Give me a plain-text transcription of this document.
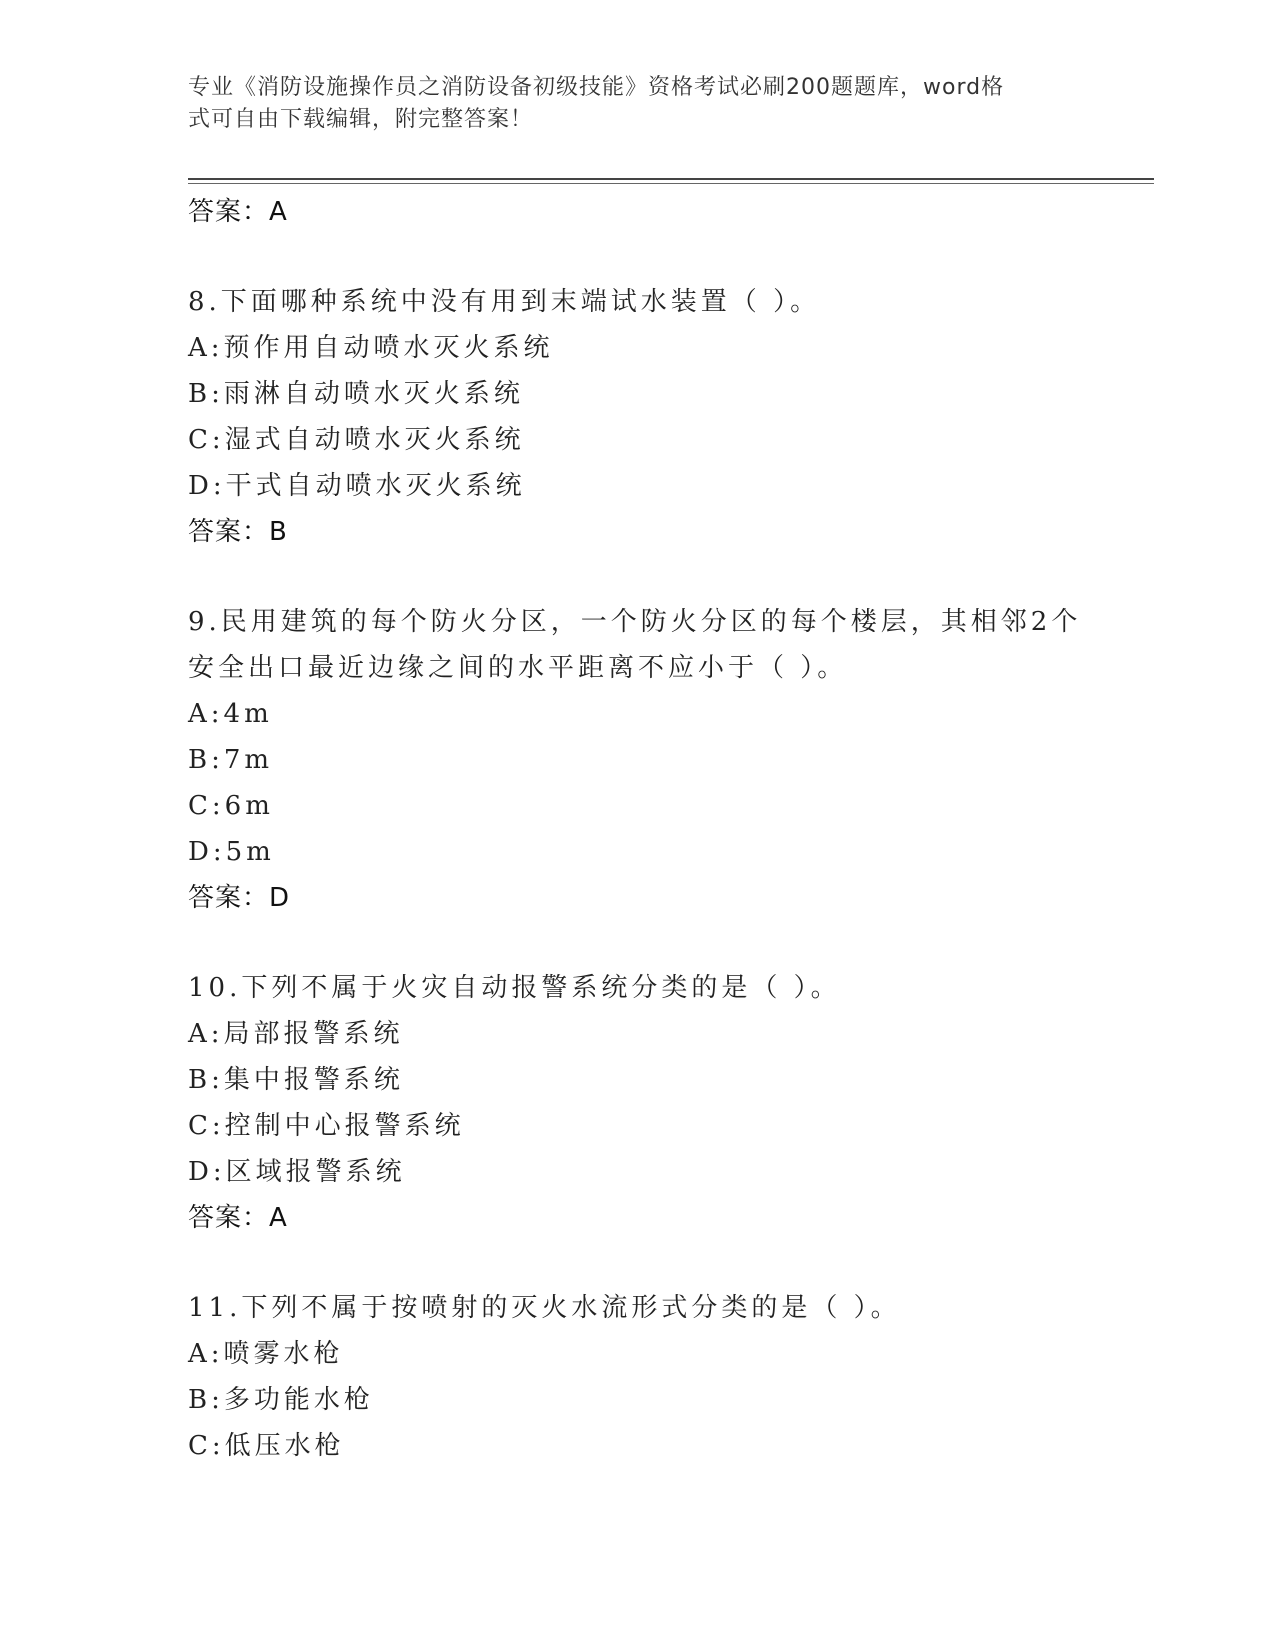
专业《消防设施操作员之消防设备初级技能》资格考试必刷200题题库，word格
式可自由下载编辑，附完整答案！
答案：A
8.下面哪种系统中没有用到末端试水装置（ ）。
A:预作用自动喷水灭火系统
B:雨淋自动喷水灭火系统
C:湿式自动喷水灭火系统
D:干式自动喷水灭火系统
答案：B
9.民用建筑的每个防火分区，一个防火分区的每个楼层，其相邻2个
安全出口最近边缘之间的水平距离不应小于（ ）。
A:4m
B:7m
C:6m
D:5m
答案：D
10.下列不属于火灾自动报警系统分类的是（ ）。
A:局部报警系统
B:集中报警系统
C:控制中心报警系统
D:区域报警系统
答案：A
11.下列不属于按喷射的灭火水流形式分类的是（ ）。
A:喷雾水枪
B:多功能水枪
C:低压水枪
